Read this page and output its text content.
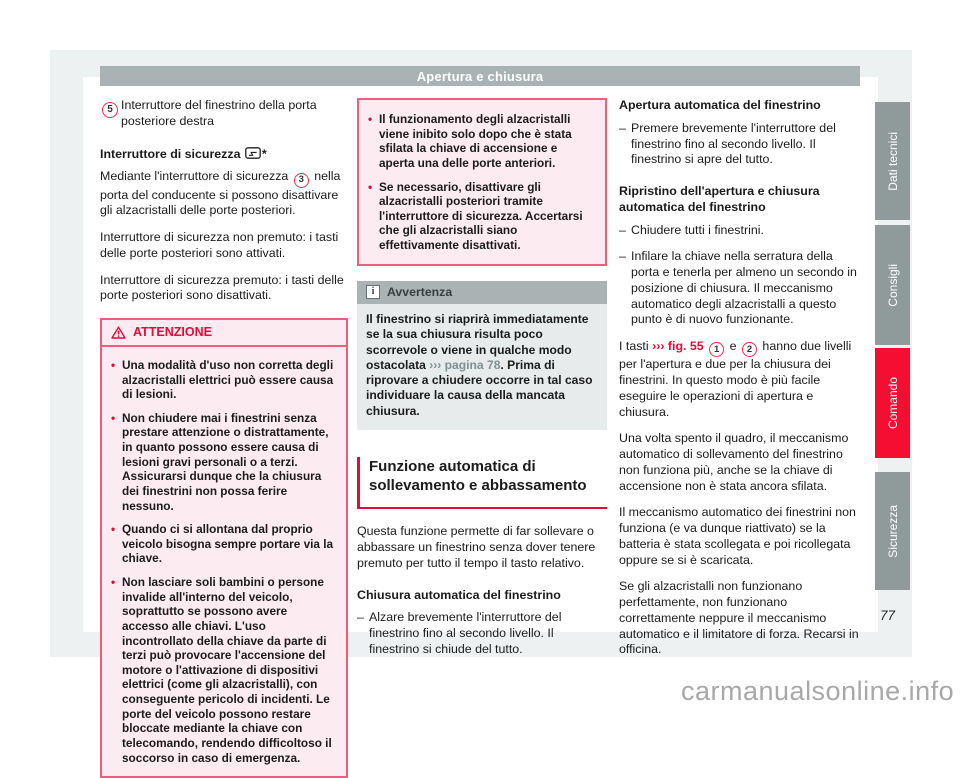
Apertura e chiusura
5 Interruttore del finestrino della porta posteriore destra
Interruttore di sicurezza *

Mediante l'interruttore di sicurezza 3 nella porta del conducente si possono disattivare gli alzacristalli delle porte posteriori.

Interruttore di sicurezza non premuto: i tasti delle porte posteriori sono attivati.

Interruttore di sicurezza premuto: i tasti delle porte posteriori sono disattivati.

ATTENZIONE
• Una modalità d'uso non corretta degli alzacristalli elettrici può essere causa di lesioni.
• Non chiudere mai i finestrini senza prestare attenzione o distrattamente, in quanto possono essere causa di lesioni gravi personali o a terzi. Assicurarsi dunque che la chiusura dei finestrini non possa ferire nessuno.
• Quando ci si allontana dal proprio veicolo bisogna sempre portare via la chiave.
• Non lasciare soli bambini o persone invalide all'interno del veicolo, soprattutto se possono avere accesso alle chiavi. L'uso incontrollato della chiave da parte di terzi può provocare l'accensione del motore o l'attivazione di dispositivi elettrici (come gli alzacristalli), con conseguente pericolo di incidenti. Le porte del veicolo possono restare bloccate mediante la chiave con telecomando, rendendo difficoltoso il soccorso in caso di emergenza.
• Il funzionamento degli alzacristalli viene inibito solo dopo che è stata sfilata la chiave di accensione e aperta una delle porte anteriori.
• Se necessario, disattivare gli alzacristalli posteriori tramite l'interruttore di sicurezza. Accertarsi che gli alzacristalli siano effettivamente disattivati.
i	Avvertenza
Il finestrino si riaprirà immediatamente se la sua chiusura risulta poco scorrevole o viene in qualche modo ostacolata ››› pagina 78. Prima di riprovare a chiudere occorre in tal caso individuare la causa della mancata chiusura.
Funzione automatica di sollevamento e abbassamento

Questa funzione permette di far sollevare o abbassare un finestrino senza dover tenere premuto per tutto il tempo il tasto relativo.

Chiusura automatica del finestrino
– Alzare brevemente l'interruttore del finestrino fino al secondo livello. Il finestrino si chiude del tutto.
Apertura automatica del finestrino
– Premere brevemente l'interruttore del finestrino fino al secondo livello. Il finestrino si apre del tutto.
Ripristino dell'apertura e chiusura automatica del finestrino
– Chiudere tutti i finestrini.
– Infilare la chiave nella serratura della porta e tenerla per almeno un secondo in posizione di chiusura. Il meccanismo automatico degli alzacristalli a questo punto è di nuovo funzionante.

I tasti ››› fig. 55 1 e 2 hanno due livelli per l'apertura e due per la chiusura dei finestrini. In questo modo è più facile eseguire le operazioni di apertura e chiusura.

Una volta spento il quadro, il meccanismo automatico di sollevamento del finestrino non funziona più, anche se la chiave di accensione non è stata ancora sfilata.

Il meccanismo automatico dei finestrini non funziona (e va dunque riattivato) se la batteria è stata scollegata e poi ricollegata oppure se si è scaricata.

Se gli alzacristalli non funzionano perfettamente, non funzionano correttamente neppure il meccanismo automatico e il limitatore di forza. Recarsi in officina.

Dati tecnici
Consigli
Comando
Sicurezza
77
carmanualsonline.info
